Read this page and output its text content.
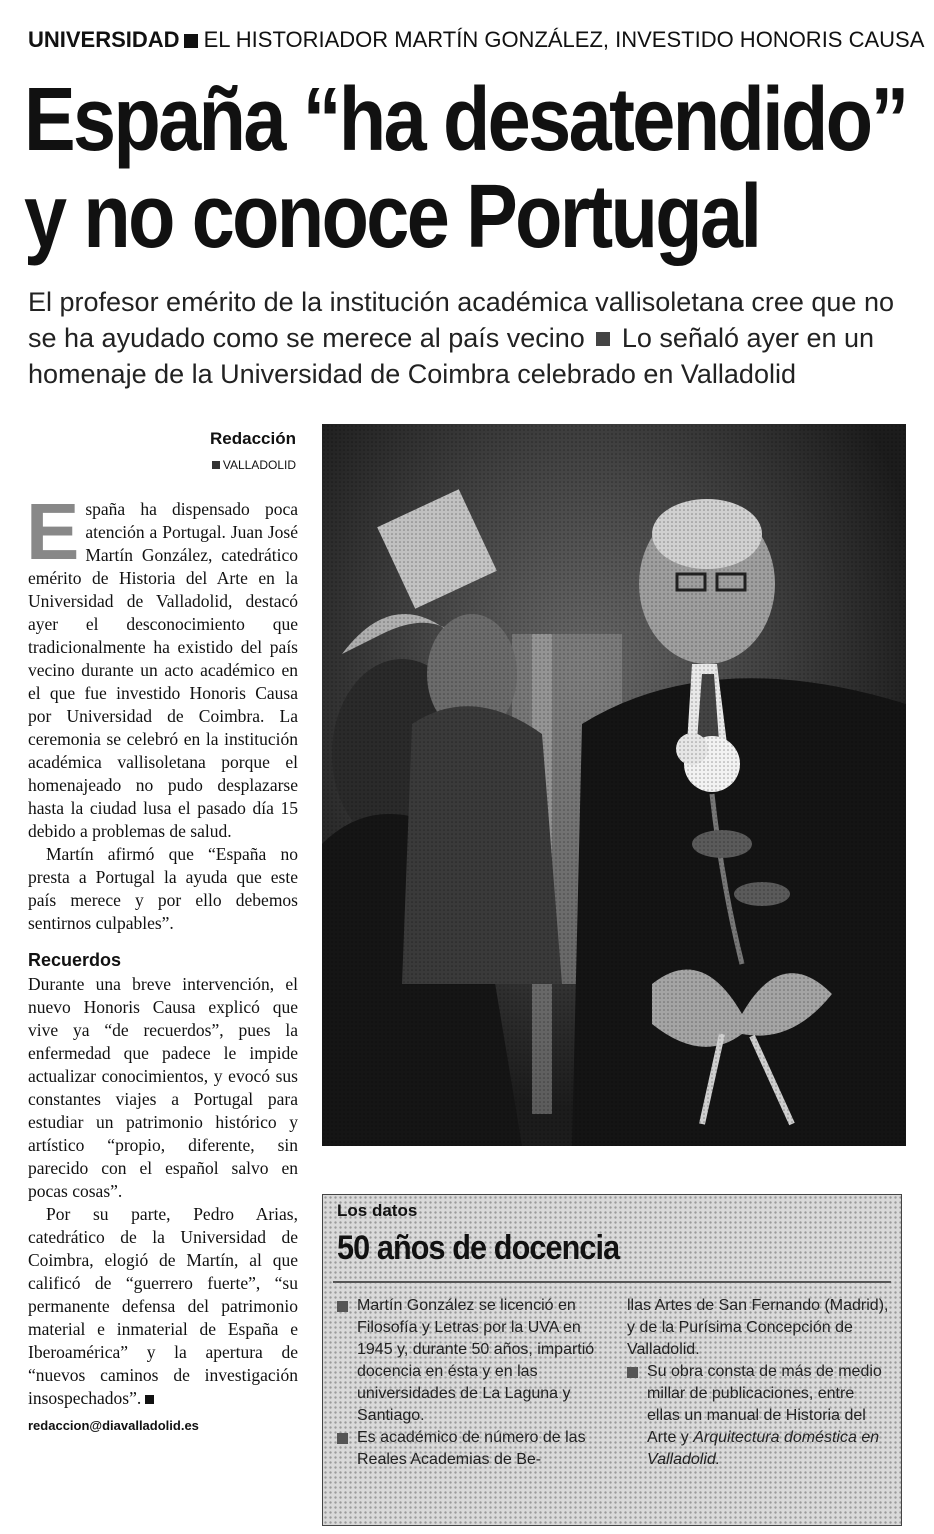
UNIVERSIDAD EL HISTORIADOR MARTÍN GONZÁLEZ, INVESTIDO HONORIS CAUSA
España “ha desatendido”
y no conoce Portugal
El profesor emérito de la institución académica vallisoletana cree que no se ha ayudado como se merece al país vecino Lo señaló ayer en un homenaje de la Universidad de Coimbra celebrado en Valladolid
Redacción
VALLADOLID

España ha dispensado poca atención a Portugal. Juan José Martín González, catedrático emérito de Historia del Arte en la Universidad de Valladolid, destacó ayer el desconocimiento que tradicionalmente ha existido del país vecino durante un acto académico en el que fue investido Honoris Causa por Universidad de Coimbra. La ceremonia se celebró en la institución académica vallisoletana porque el homenajeado no pudo desplazarse hasta la ciudad lusa el pasado día 15 debido a problemas de salud.

Martín afirmó que “España no presta a Portugal la ayuda que este país merece y por ello debemos sentirnos culpables”.

Recuerdos

Durante una breve intervención, el nuevo Honoris Causa explicó que vive ya “de recuerdos”, pues la enfermedad que padece le impide actualizar conocimientos, y evocó sus constantes viajes a Portugal para estudiar un patrimonio histórico y artístico “propio, diferente, sin parecido con el español salvo en pocas cosas”.

Por su parte, Pedro Arias, catedrático de la Universidad de Coimbra, elogió de Martín, al que calificó de “guerrero fuerte”, “su permanente defensa del patrimonio material e inmaterial de España e Iberoamérica” y la apertura de “nuevos caminos de investigación insospechados”.

redaccion@diavalladolid.es
Los datos
50 años de docencia

Martín González se licenció en Filosofía y Letras por la UVA en 1945 y, durante 50 años, impartió docencia en ésta y en las universidades de La Laguna y Santiago.

Es académico de número de las Reales Academias de Be-

llas Artes de San Fernando (Madrid), y de la Purísima Concepción de Valladolid.

Su obra consta de más de medio millar de publicaciones, entre ellas un manual de Historia del Arte y Arquitectura doméstica en Valladolid.
